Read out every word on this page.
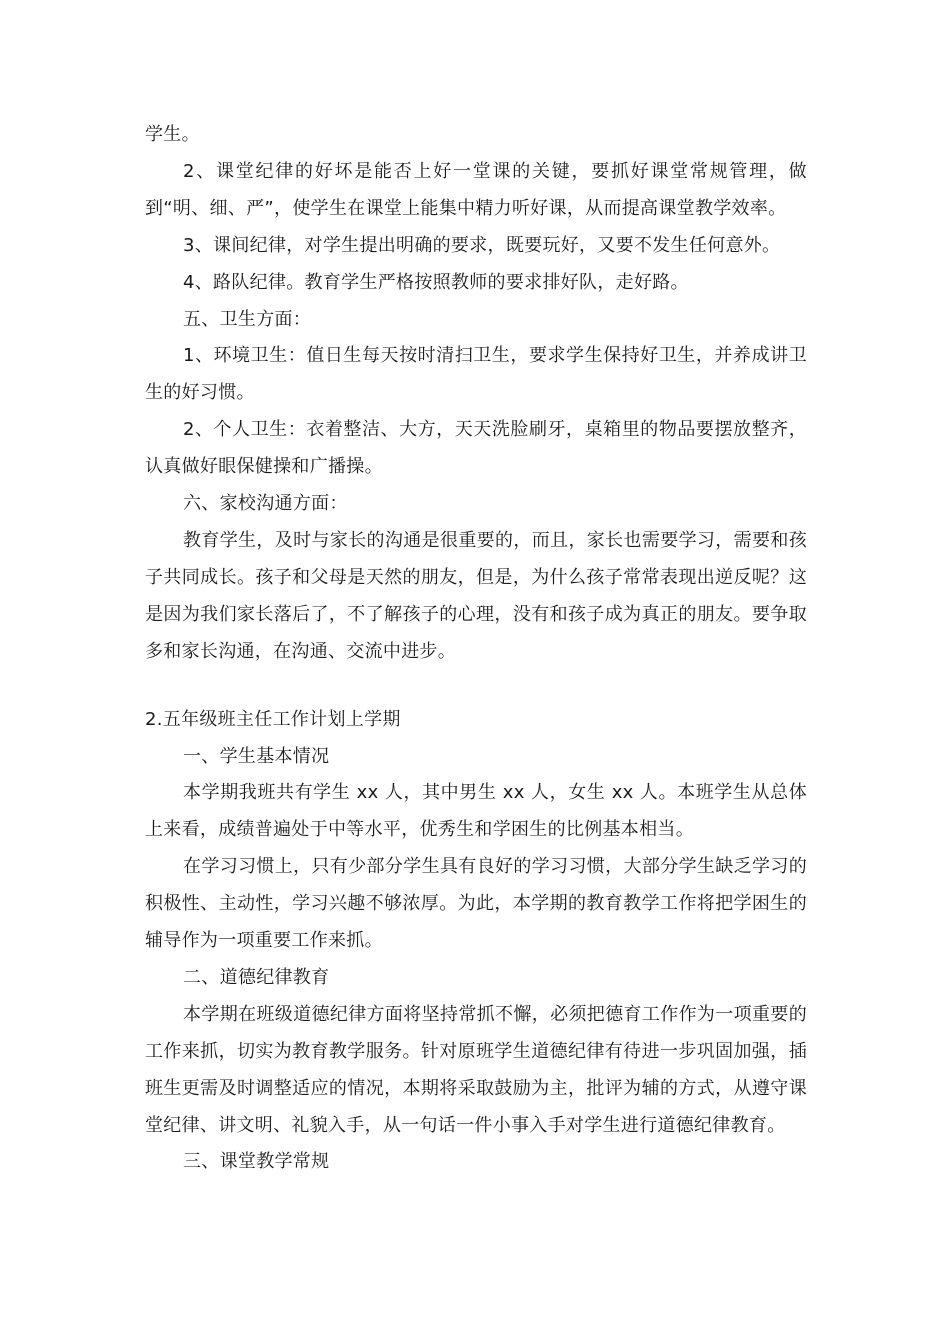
学生。

2、课堂纪律的好坏是能否上好一堂课的关键，要抓好课堂常规管理，做到“明、细、严”，使学生在课堂上能集中精力听好课，从而提高课堂教学效率。

3、课间纪律，对学生提出明确的要求，既要玩好，又要不发生任何意外。

4、路队纪律。教育学生严格按照教师的要求排好队，走好路。

五、卫生方面：

1、环境卫生：值日生每天按时清扫卫生，要求学生保持好卫生，并养成讲卫生的好习惯。

2、个人卫生：衣着整洁、大方，天天洗脸刷牙，桌箱里的物品要摆放整齐，认真做好眼保健操和广播操。

六、家校沟通方面：

教育学生，及时与家长的沟通是很重要的，而且，家长也需要学习，需要和孩子共同成长。孩子和父母是天然的朋友，但是，为什么孩子常常表现出逆反呢？这是因为我们家长落后了，不了解孩子的心理，没有和孩子成为真正的朋友。要争取多和家长沟通，在沟通、交流中进步。

2.五年级班主任工作计划上学期

一、学生基本情况

本学期我班共有学生 xx 人，其中男生 xx 人，女生 xx 人。本班学生从总体上来看，成绩普遍处于中等水平，优秀生和学困生的比例基本相当。

在学习习惯上，只有少部分学生具有良好的学习习惯，大部分学生缺乏学习的积极性、主动性，学习兴趣不够浓厚。为此，本学期的教育教学工作将把学困生的辅导作为一项重要工作来抓。

二、道德纪律教育

本学期在班级道德纪律方面将坚持常抓不懈，必须把德育工作作为一项重要的工作来抓，切实为教育教学服务。针对原班学生道德纪律有待进一步巩固加强，插班生更需及时调整适应的情况，本期将采取鼓励为主，批评为辅的方式，从遵守课堂纪律、讲文明、礼貌入手，从一句话一件小事入手对学生进行道德纪律教育。

三、课堂教学常规
